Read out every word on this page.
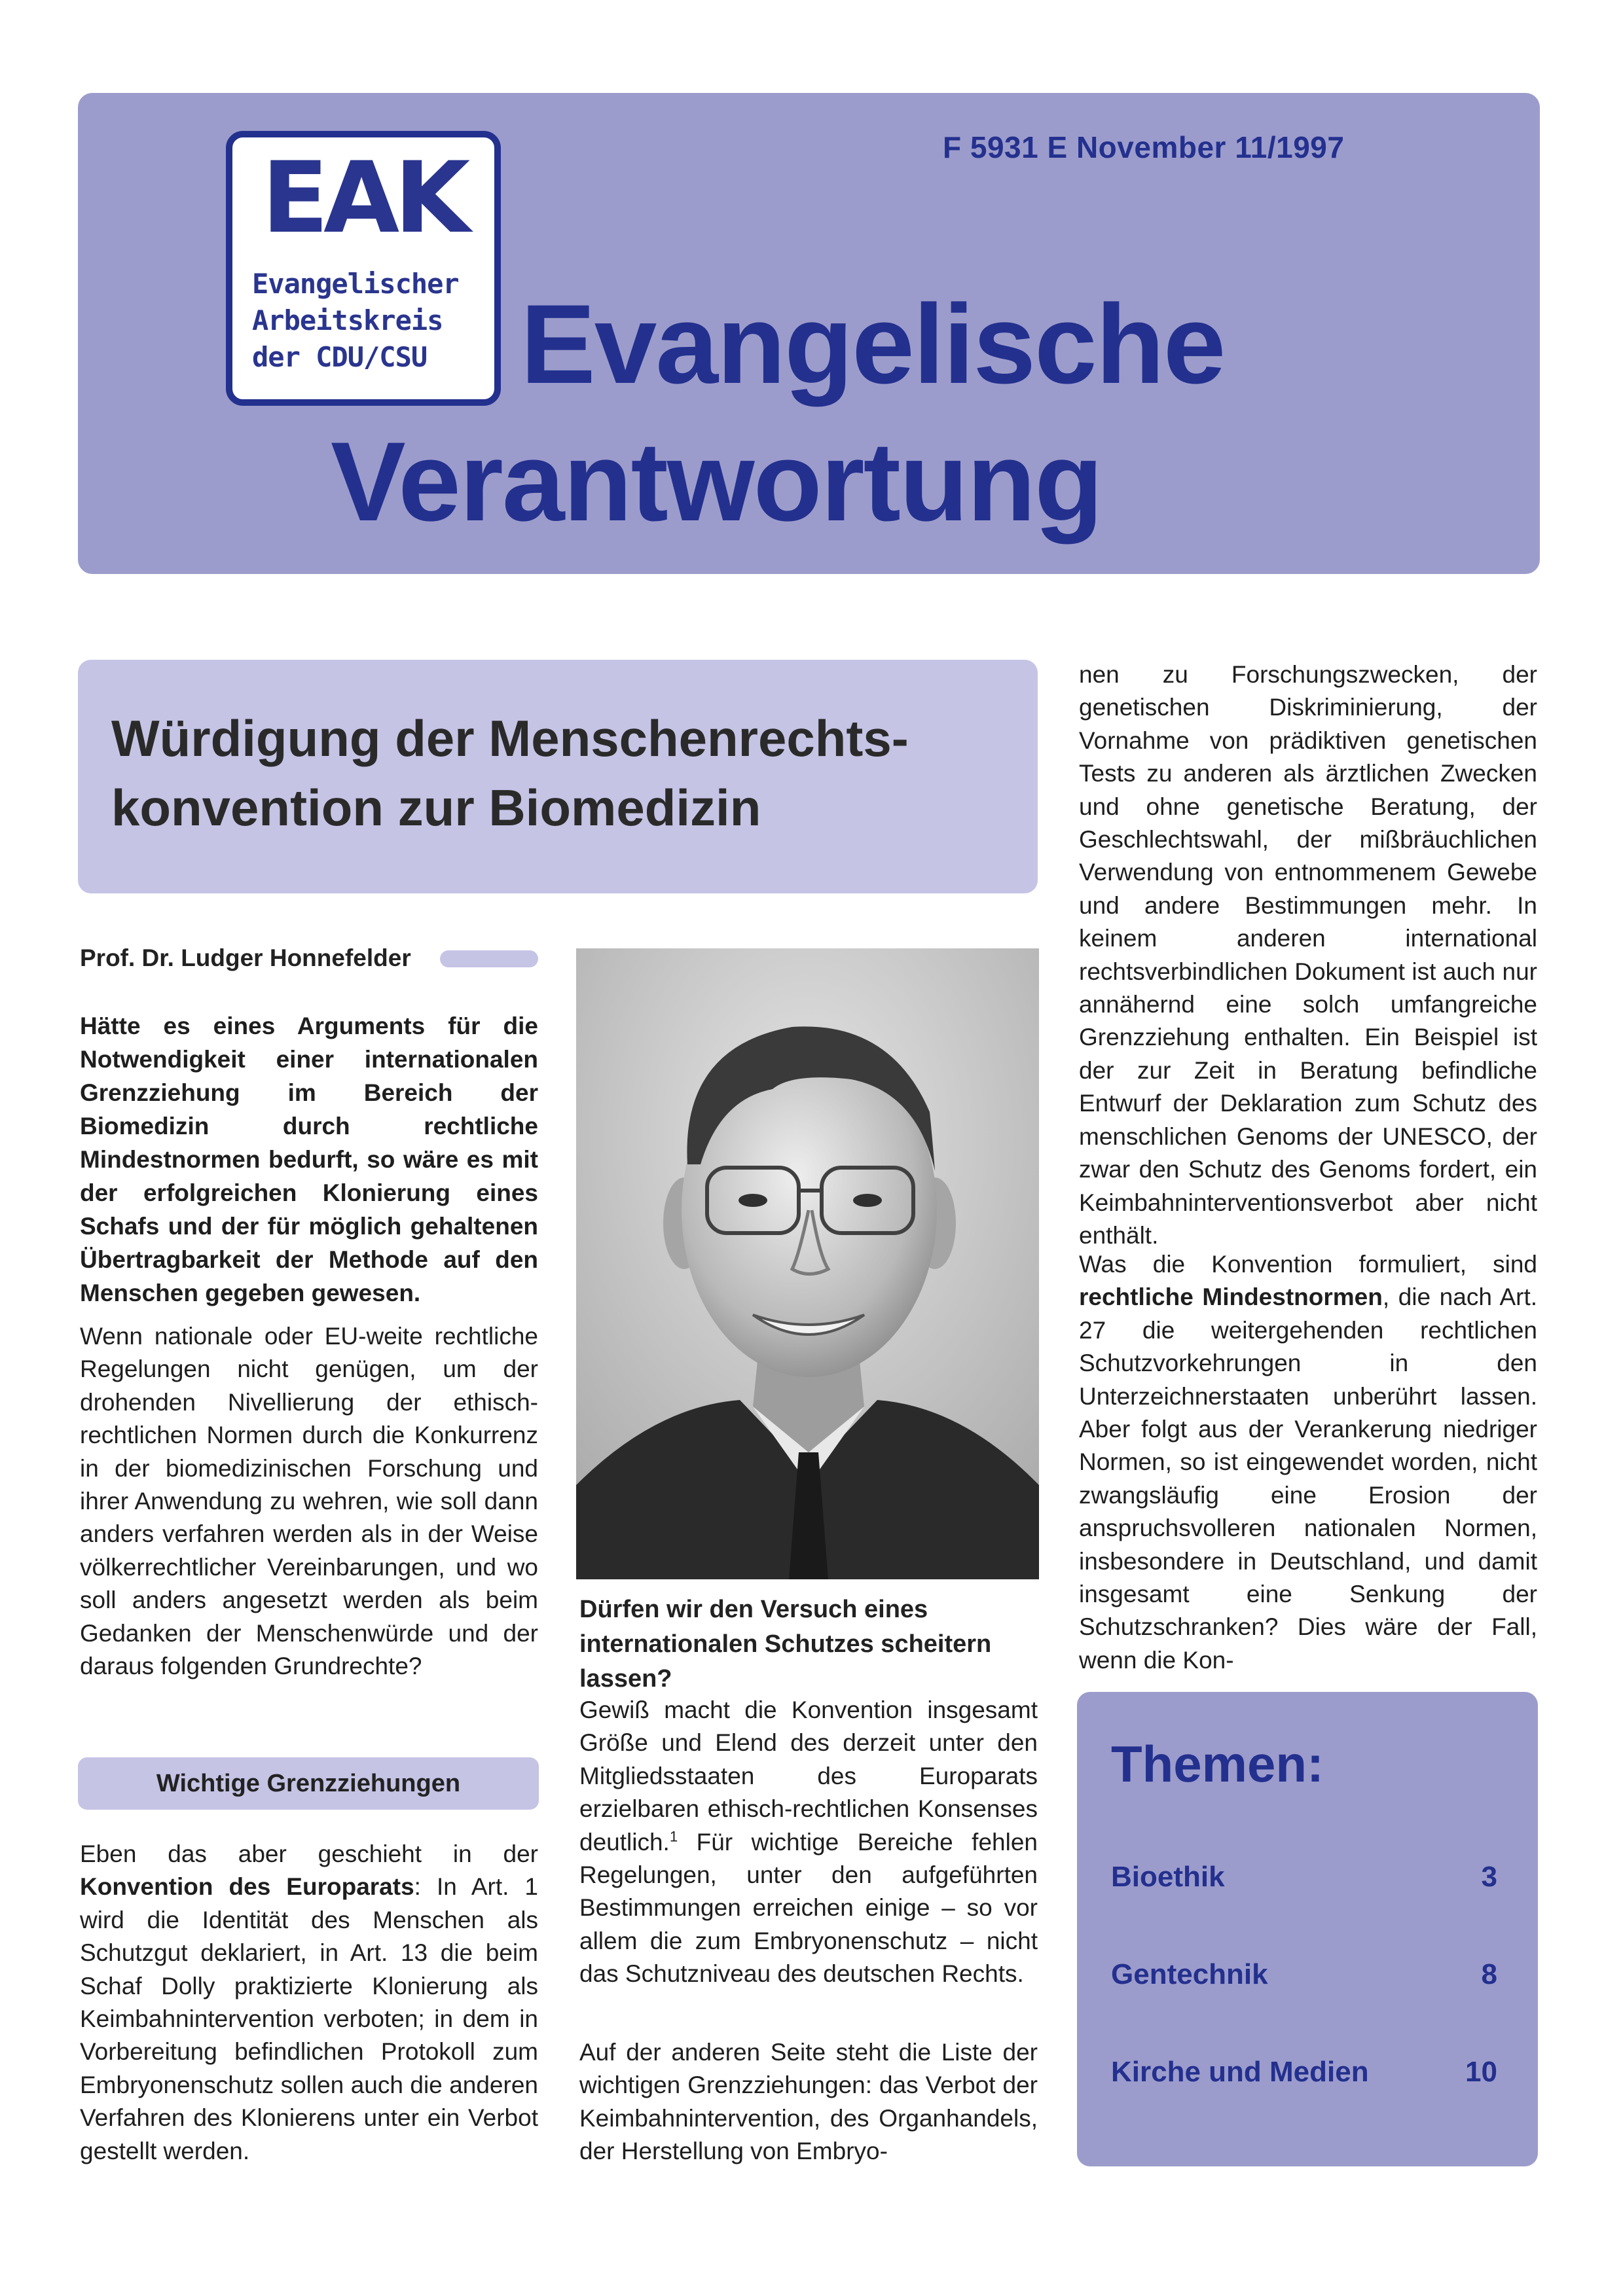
F 5931 E November 11/1997
EAK
Evangelischer
Arbeitskreis
der CDU/CSU Evangelische
Verantwortung
Würdigung der Menschenrechts-
konvention zur Biomedizin
Prof. Dr. Ludger Honnefelder

Hätte es eines Arguments für die Notwendigkeit einer internationalen Grenzziehung im Bereich der Biomedizin durch rechtliche Mindestnormen bedurft, so wäre es mit der erfolgreichen Klonierung eines Schafs und der für möglich gehaltenen Übertragbarkeit der Methode auf den Menschen gegeben gewesen.

Wenn nationale oder EU-weite rechtliche Regelungen nicht genügen, um der drohenden Nivellierung der ethisch-rechtlichen Normen durch die Konkurrenz in der biomedizinischen Forschung und ihrer Anwendung zu wehren, wie soll dann anders verfahren werden als in der Weise völkerrechtlicher Vereinbarungen, und wo soll anders angesetzt werden als beim Gedanken der Menschenwürde und der daraus folgenden Grundrechte?

Wichtige Grenzziehungen

Eben das aber geschieht in der Konvention des Europarats: In Art. 1 wird die Identität des Menschen als Schutzgut deklariert, in Art. 13 die beim Schaf Dolly praktizierte Klonierung als Keimbahnintervention verboten; in dem in Vorbereitung befindlichen Protokoll zum Embryonenschutz sollen auch die anderen Verfahren des Klonierens unter ein Verbot gestellt werden.

Dürfen wir den Versuch eines internationalen Schutzes scheitern lassen?

Gewiß macht die Konvention insgesamt Größe und Elend des derzeit unter den Mitgliedsstaaten des Europarats erzielbaren ethisch-rechtlichen Konsenses deutlich.$^1$ Für wichtige Bereiche fehlen Regelungen, unter den aufgeführten Bestimmungen erreichen einige – so vor allem die zum Embryonenschutz – nicht das Schutzniveau des deutschen Rechts.

Auf der anderen Seite steht die Liste der wichtigen Grenzziehungen: das Verbot der Keimbahnintervention, des Organhandels, der Herstellung von Embryo-

nen zu Forschungszwecken, der genetischen Diskriminierung, der Vornahme von prädiktiven genetischen Tests zu anderen als ärztlichen Zwecken und ohne genetische Beratung, der Geschlechtswahl, der mißbräuchlichen Verwendung von entnommenem Gewebe und andere Bestimmungen mehr. In keinem anderen international rechtsverbindlichen Dokument ist auch nur annähernd eine solch umfangreiche Grenzziehung enthalten. Ein Beispiel ist der zur Zeit in Beratung befindliche Entwurf der Deklaration zum Schutz des menschlichen Genoms der UNESCO, der zwar den Schutz des Genoms fordert, ein Keimbahninterventionsverbot aber nicht enthält.

Was die Konvention formuliert, sind rechtliche Mindestnormen, die nach Art. 27 die weitergehenden rechtlichen Schutzvorkehrungen in den Unterzeichnerstaaten unberührt lassen. Aber folgt aus der Verankerung niedriger Normen, so ist eingewendet worden, nicht zwangsläufig eine Erosion der anspruchsvolleren nationalen Normen, insbesondere in Deutschland, und damit insgesamt eine Senkung der Schutzschranken? Dies wäre der Fall, wenn die Kon-

Themen:
Bioethik	3
Gentechnik	8
Kirche und Medien	10
